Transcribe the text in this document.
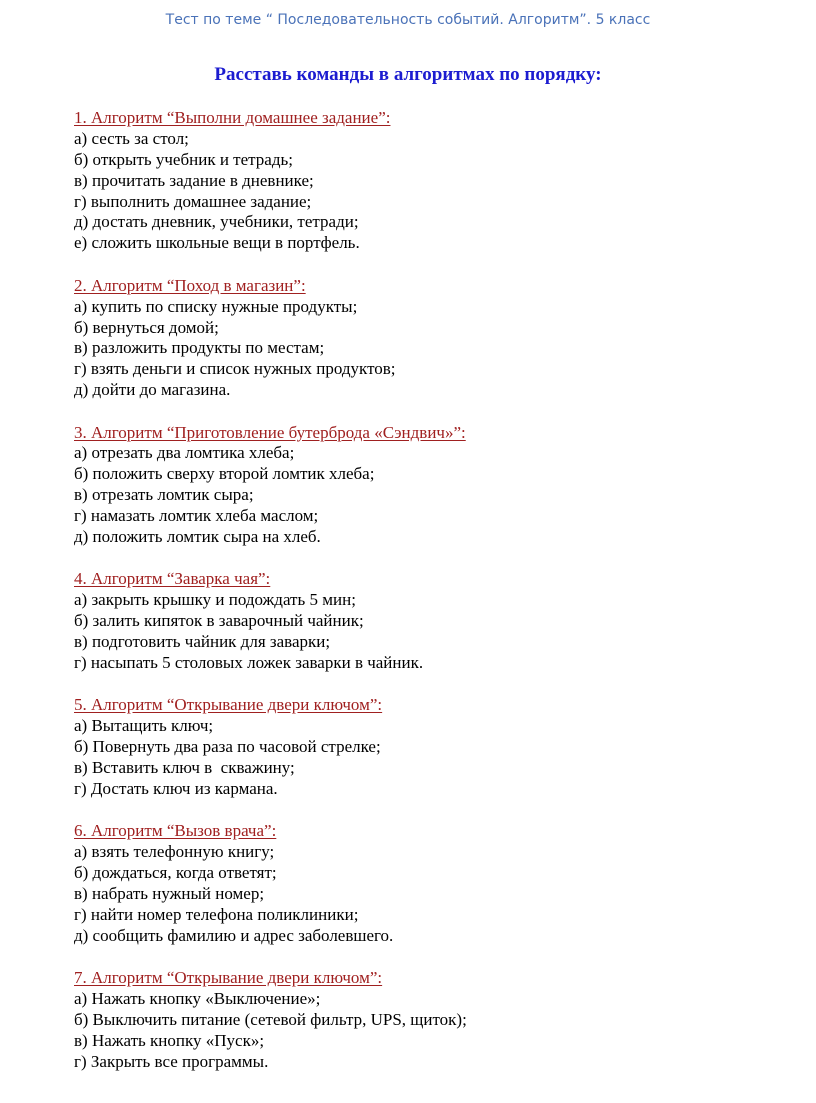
Тест по теме “ Последовательность событий. Алгоритм”. 5 класс
Расставь команды в алгоритмах по порядку:
1. Алгоритм “Выполни домашнее задание”:
а) сесть за стол;
б) открыть учебник и тетрадь;
в) прочитать задание в дневнике;
г) выполнить домашнее задание;
д) достать дневник, учебники, тетради;
е) сложить школьные вещи в портфель.
2. Алгоритм “Поход в магазин”:
а) купить по списку нужные продукты;
б) вернуться домой;
в) разложить продукты по местам;
г) взять деньги и список нужных продуктов;
д) дойти до магазина.
3. Алгоритм “Приготовление бутерброда «Сэндвич»”:
а) отрезать два ломтика хлеба;
б) положить сверху второй ломтик хлеба;
в) отрезать ломтик сыра;
г) намазать ломтик хлеба маслом;
д) положить ломтик сыра на хлеб.
4. Алгоритм “Заварка чая”:
а) закрыть крышку и подождать 5 мин;
б) залить кипяток в заварочный чайник;
в) подготовить чайник для заварки;
г) насыпать 5 столовых ложек заварки в чайник.
5. Алгоритм “Открывание двери ключом”:
а) Вытащить ключ;
б) Повернуть два раза по часовой стрелке;
в) Вставить ключ в  скважину;
г) Достать ключ из кармана.
6. Алгоритм “Вызов врача”:
а) взять телефонную книгу;
б) дождаться, когда ответят;
в) набрать нужный номер;
г) найти номер телефона поликлиники;
д) сообщить фамилию и адрес заболевшего.
7. Алгоритм “Открывание двери ключом”:
а) Нажать кнопку «Выключение»;
б) Выключить питание (сетевой фильтр, UPS, щиток);
в) Нажать кнопку «Пуск»;
г) Закрыть все программы.
